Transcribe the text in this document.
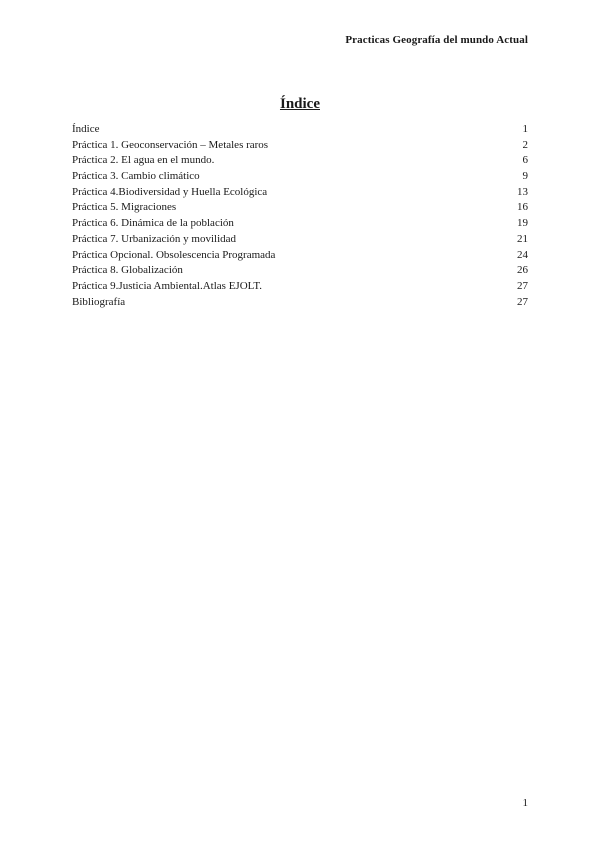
Practicas Geografía del mundo Actual
Índice
Índice	1
Práctica 1. Geoconservación – Metales raros	2
Práctica 2. El agua en el mundo.	6
Práctica 3. Cambio climático	9
Práctica 4.Biodiversidad y Huella Ecológica	13
Práctica 5. Migraciones	16
Práctica 6. Dinámica de la población	19
Práctica 7. Urbanización y movilidad	21
Práctica Opcional. Obsolescencia Programada	24
Práctica 8. Globalización	26
Práctica 9.Justicia Ambiental.Atlas EJOLT.	27
Bibliografía	27
1
